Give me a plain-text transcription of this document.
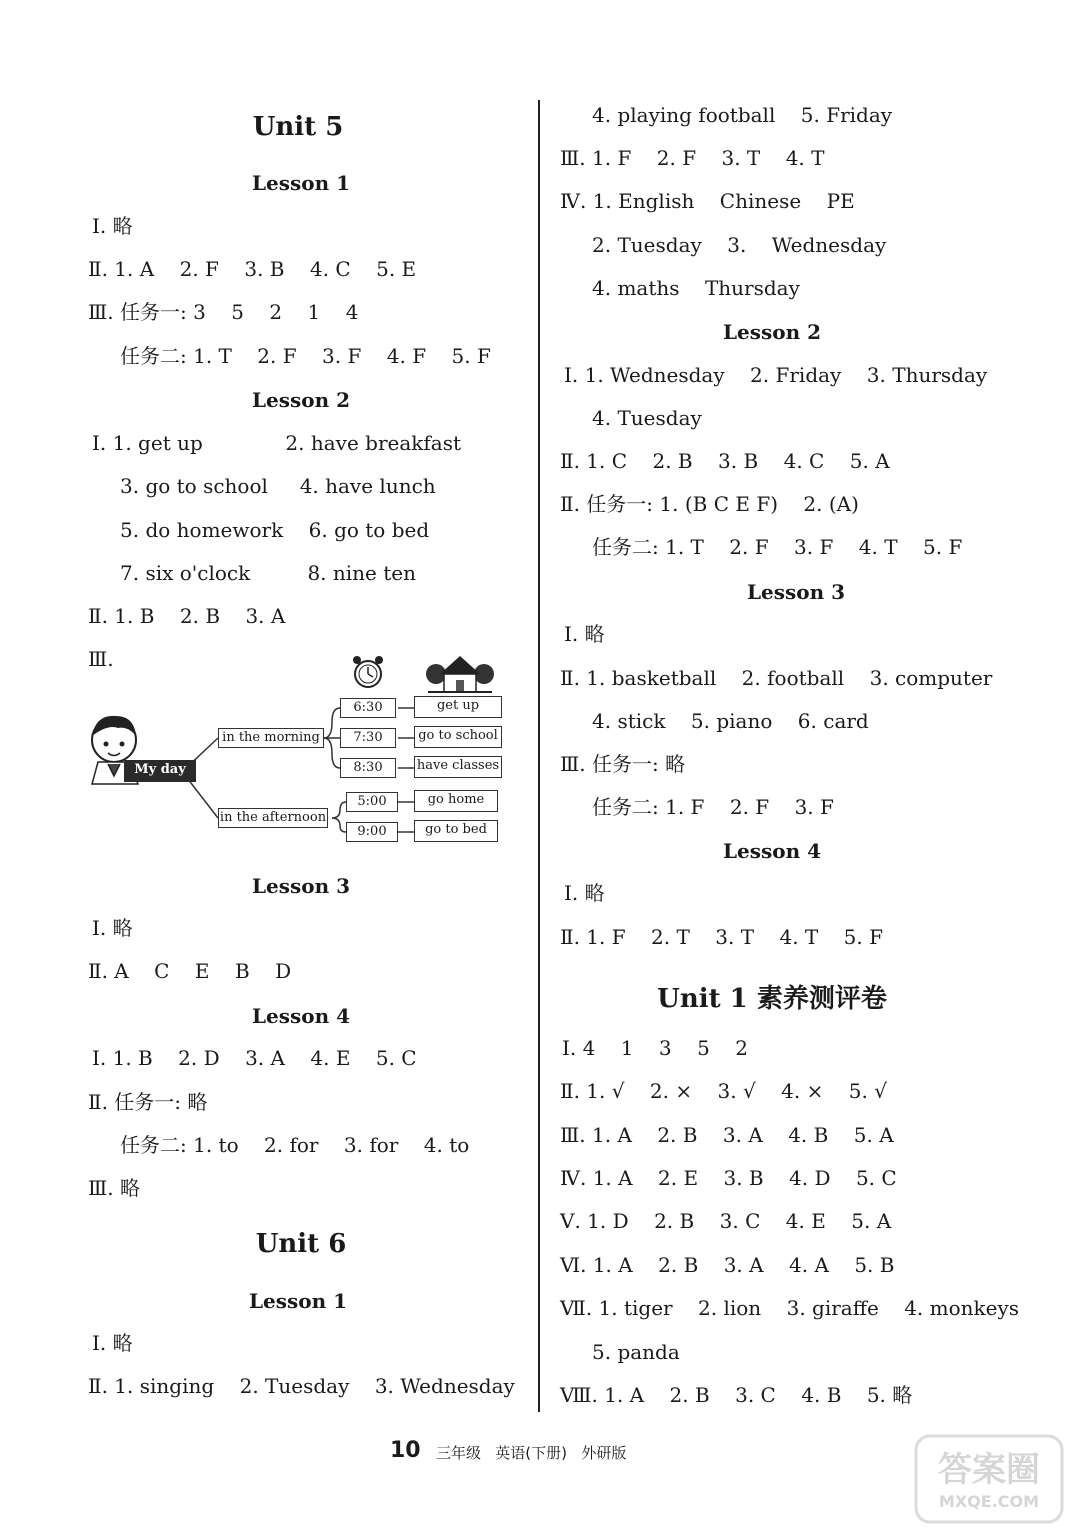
Unit 5
Lesson 1
Ⅰ. 略
Ⅱ. 1. A    2. F    3. B    4. C    5. E
Ⅲ. 任务一: 3    5    2    1    4
任务二: 1. T    2. F    3. F    4. F    5. F
Lesson 2
Ⅰ. 1. get up             2. have breakfast
3. go to school     4. have lunch
5. do homework    6. go to bed
7. six o'clock         8. nine ten
Ⅱ. 1. B    2. B    3. A
Ⅲ.
My day
in the morning
in the afternoon
6:30
7:30
8:30
5:00
9:00
get up
go to school
have classes
go home
go to bed
Lesson 3
Ⅰ. 略
Ⅱ. A    C    E    B    D
Lesson 4
Ⅰ. 1. B    2. D    3. A    4. E    5. C
Ⅱ. 任务一: 略
任务二: 1. to    2. for    3. for    4. to
Ⅲ. 略
Unit 6
Lesson 1
Ⅰ. 略
Ⅱ. 1. singing    2. Tuesday    3. Wednesday
4. playing football    5. Friday
Ⅲ. 1. F    2. F    3. T    4. T
Ⅳ. 1. English    Chinese    PE
2. Tuesday    3.    Wednesday
4. maths    Thursday
Lesson 2
Ⅰ. 1. Wednesday    2. Friday    3. Thursday
4. Tuesday
Ⅱ. 1. C    2. B    3. B    4. C    5. A
Ⅱ. 任务一: 1. (B C E F)    2. (A)
任务二: 1. T    2. F    3. F    4. T    5. F
Lesson 3
Ⅰ. 略
Ⅱ. 1. basketball    2. football    3. computer
4. stick    5. piano    6. card
Ⅲ. 任务一: 略
任务二: 1. F    2. F    3. F
Lesson 4
Ⅰ. 略
Ⅱ. 1. F    2. T    3. T    4. T    5. F
Unit 1 素养测评卷
Ⅰ. 4    1    3    5    2
Ⅱ. 1. √    2. ×    3. √    4. ×    5. √
Ⅲ. 1. A    2. B    3. A    4. B    5. A
Ⅳ. 1. A    2. E    3. B    4. D    5. C
Ⅴ. 1. D    2. B    3. C    4. E    5. A
Ⅵ. 1. A    2. B    3. A    4. A    5. B
Ⅶ. 1. tiger    2. lion    3. giraffe    4. monkeys
5. panda
Ⅷ. 1. A    2. B    3. C    4. B    5. 略
10 三年级   英语(下册)   外研版	答案圈
MXQE.COM
